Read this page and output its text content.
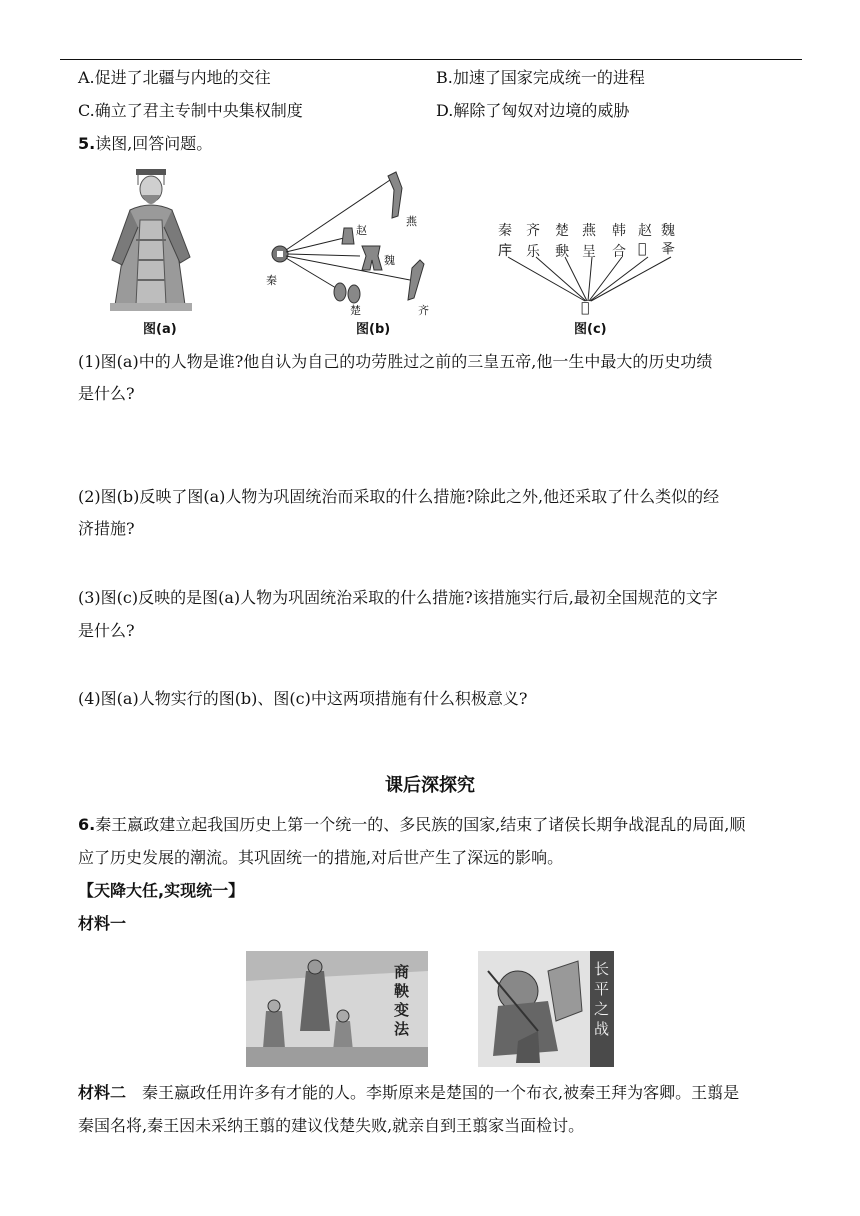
A.促进了北疆与内地的交往	B.加速了国家完成统一的进程
C.确立了君主专制中央集权制度	D.解除了匈奴对边境的威胁
5.读图,回答问题。
图(a)
秦
赵
燕
魏
楚	齐
图(b)
秦 齐 楚 燕 韩 赵 魏
𢇛 乐 𡙇 呈 合 𢁊 𠬤
𥛏
图(c)
(1)图(a)中的人物是谁?他自认为自己的功劳胜过之前的三皇五帝,他一生中最大的历史功绩
是什么?
(2)图(b)反映了图(a)人物为巩固统治而采取的什么措施?除此之外,他还采取了什么类似的经
济措施?
(3)图(c)反映的是图(a)人物为巩固统治采取的什么措施?该措施实行后,最初全国规范的文字
是什么?
(4)图(a)人物实行的图(b)、图(c)中这两项措施有什么积极意义?
课后深探究
6.秦王嬴政建立起我国历史上第一个统一的、多民族的国家,结束了诸侯长期争战混乱的局面,顺
应了历史发展的潮流。其巩固统一的措施,对后世产生了深远的影响。
【天降大任,实现统一】
材料一
商鞅变法
长平之战
材料二 秦王嬴政任用许多有才能的人。李斯原来是楚国的一个布衣,被秦王拜为客卿。王翦是
秦国名将,秦王因未采纳王翦的建议伐楚失败,就亲自到王翦家当面检讨。
